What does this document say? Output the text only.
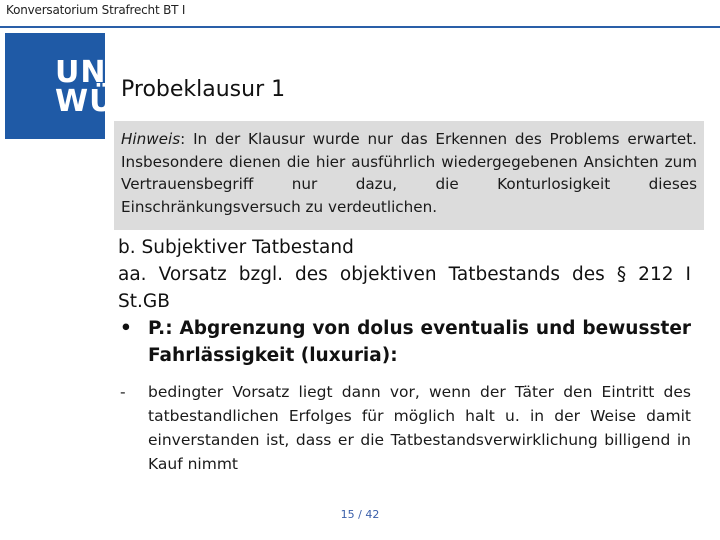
Konversatorium Strafrecht BT I
UNI
WÜ Probeklausur 1
Hinweis: In der Klausur wurde nur das Erkennen des Problems erwartet. Insbesondere dienen die hier ausführlich wiedergegebenen Ansichten zum Vertrauensbegriff nur dazu, die Konturlosigkeit dieses Einschränkungsversuch zu verdeutlichen.
b. Subjektiver Tatbestand
aa. Vorsatz bzgl. des objektiven Tatbestands des § 212 I St.GB
• P.: Abgrenzung von dolus eventualis und bewusster Fahrlässigkeit (luxuria):
- bedingter Vorsatz liegt dann vor, wenn der Täter den Eintritt des tatbestandlichen Erfolges für möglich halt u. in der Weise damit einverstanden ist, dass er die Tatbestandsverwirklichung billigend in Kauf nimmt
15 / 42
